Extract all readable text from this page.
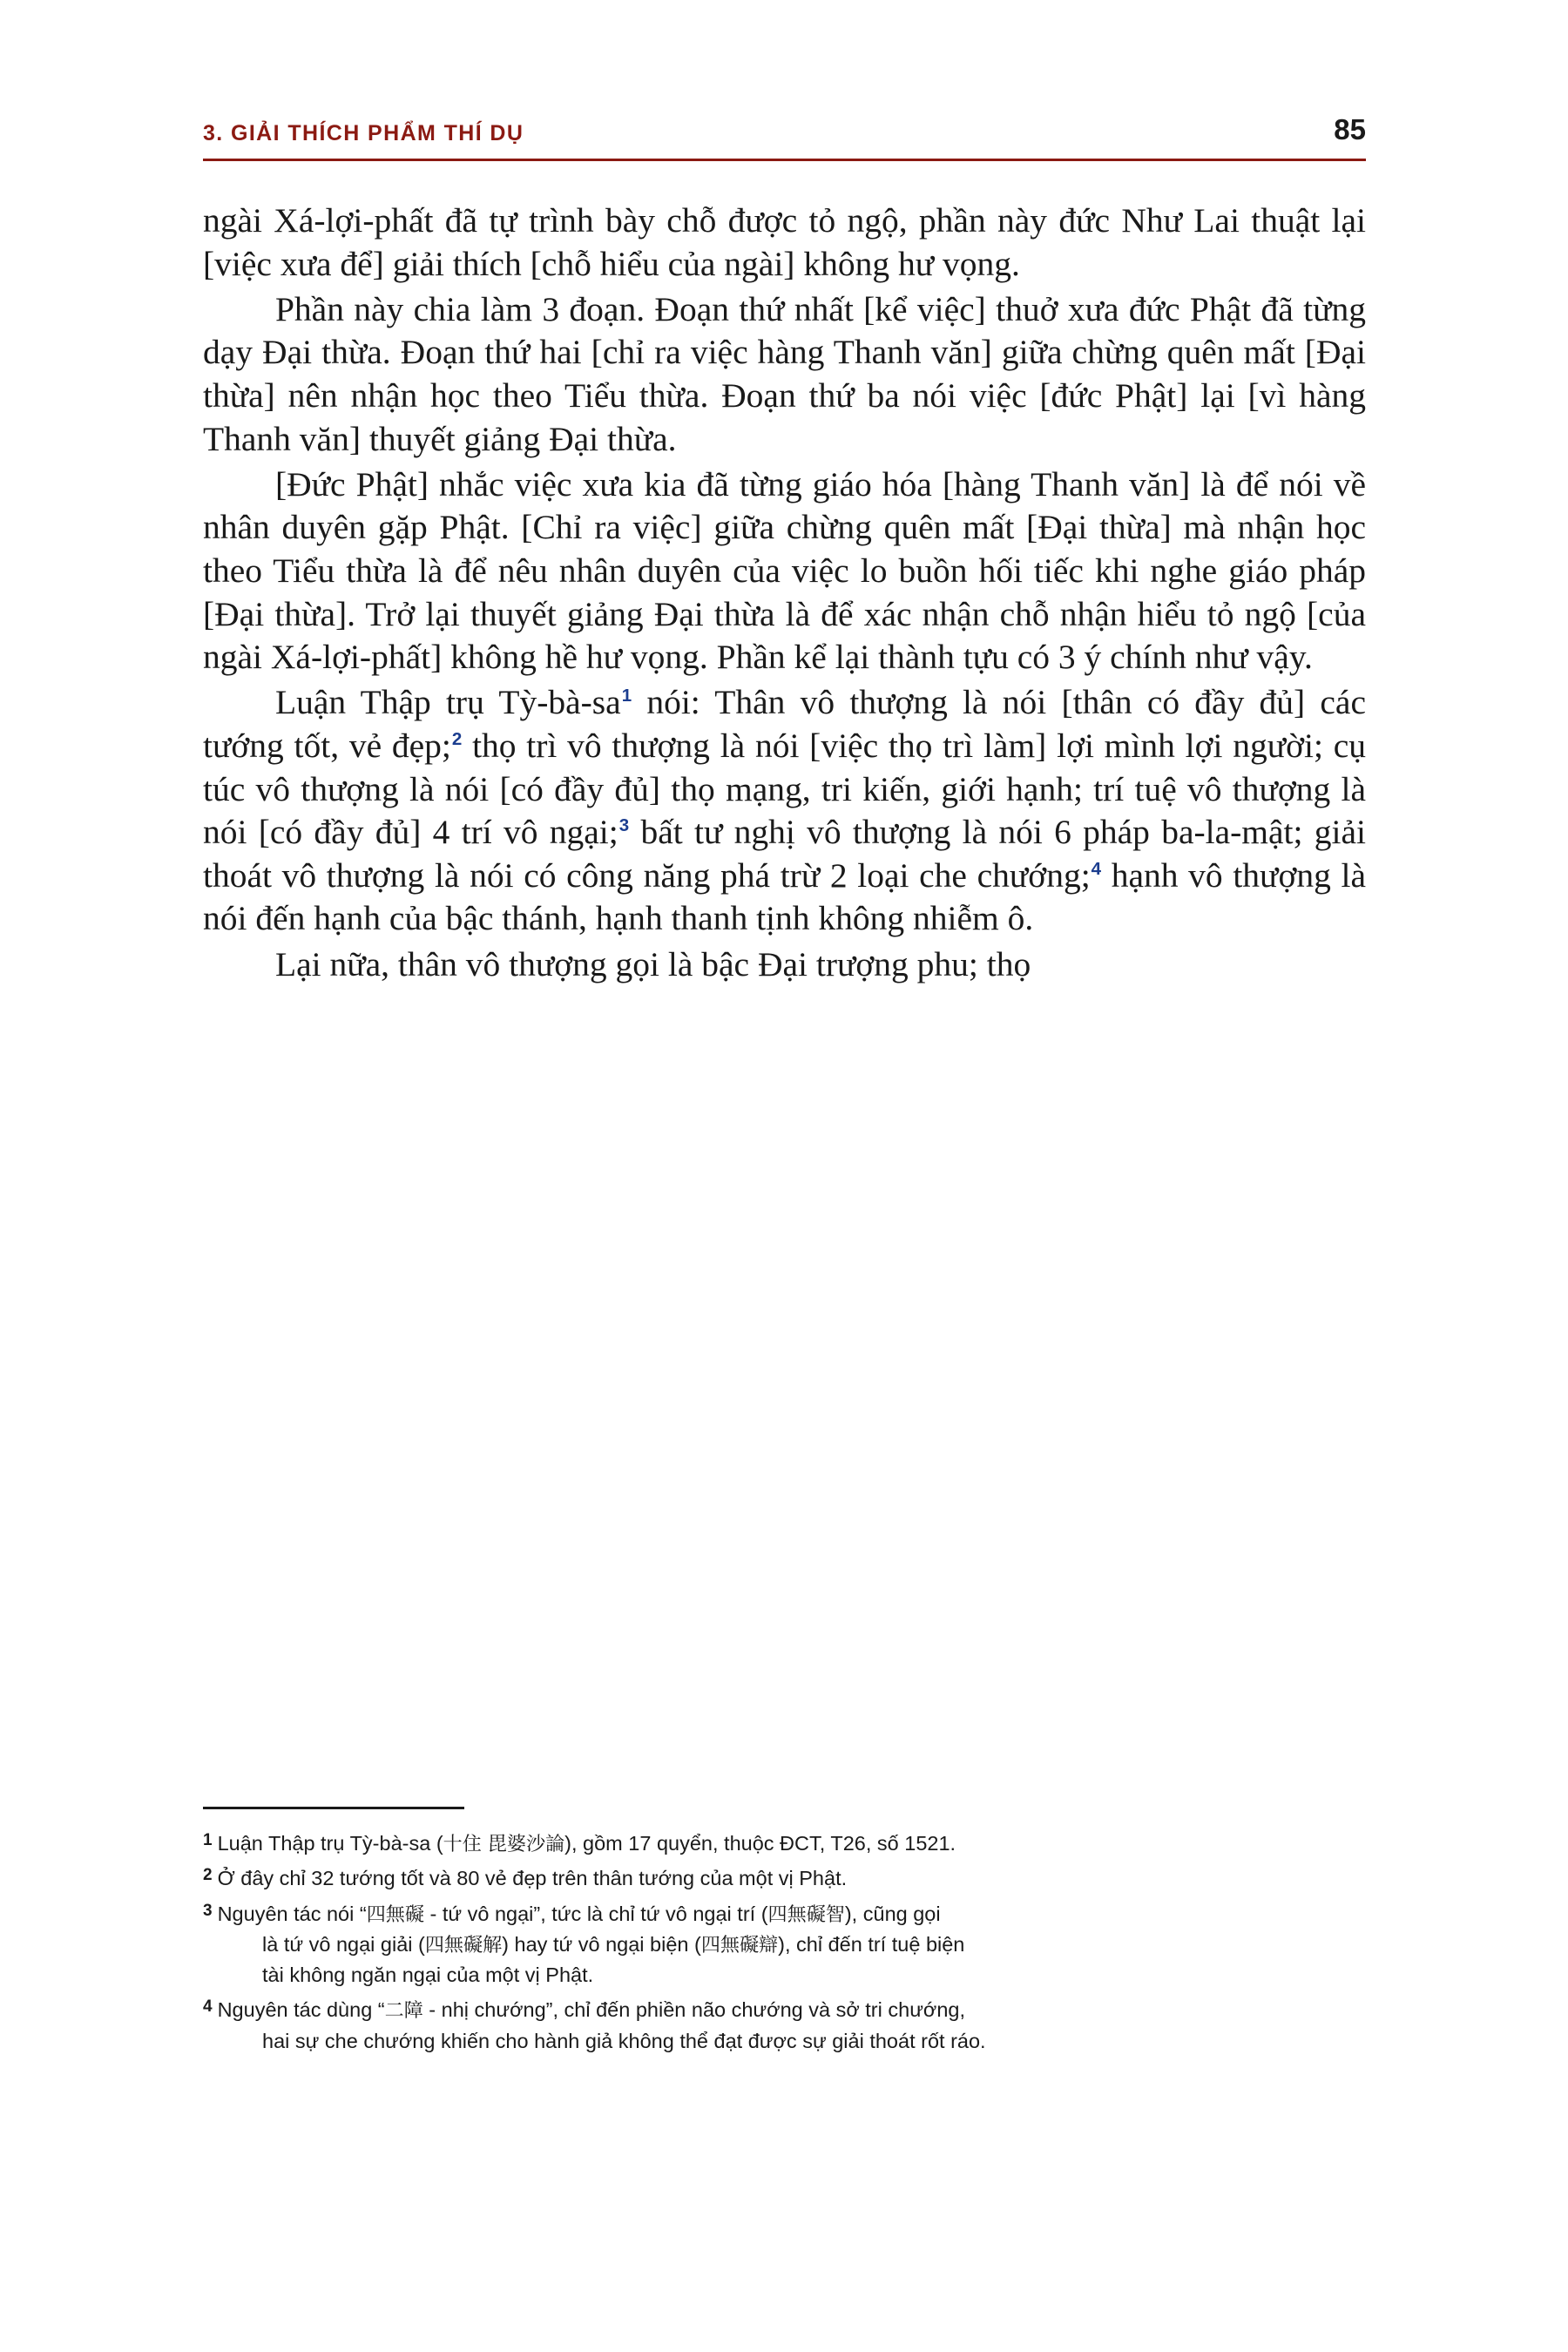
3. GIẢI THÍCH PHẨM THÍ DỤ	85

ngài Xá-lợi-phất đã tự trình bày chỗ được tỏ ngộ, phần này đức Như Lai thuật lại [việc xưa để] giải thích [chỗ hiểu của ngài] không hư vọng.

Phần này chia làm 3 đoạn. Đoạn thứ nhất [kể việc] thuở xưa đức Phật đã từng dạy Đại thừa. Đoạn thứ hai [chỉ ra việc hàng Thanh văn] giữa chừng quên mất [Đại thừa] nên nhận học theo Tiểu thừa. Đoạn thứ ba nói việc [đức Phật] lại [vì hàng Thanh văn] thuyết giảng Đại thừa.

[Đức Phật] nhắc việc xưa kia đã từng giáo hóa [hàng Thanh văn] là để nói về nhân duyên gặp Phật. [Chỉ ra việc] giữa chừng quên mất [Đại thừa] mà nhận học theo Tiểu thừa là để nêu nhân duyên của việc lo buồn hối tiếc khi nghe giáo pháp [Đại thừa]. Trở lại thuyết giảng Đại thừa là để xác nhận chỗ nhận hiểu tỏ ngộ [của ngài Xá-lợi-phất] không hề hư vọng. Phần kể lại thành tựu có 3 ý chính như vậy.

Luận Thập trụ Tỳ-bà-sa$^1$ nói: Thân vô thượng là nói [thân có đầy đủ] các tướng tốt, vẻ đẹp;$^2$ thọ trì vô thượng là nói [việc thọ trì làm] lợi mình lợi người; cụ túc vô thượng là nói [có đầy đủ] thọ mạng, tri kiến, giới hạnh; trí tuệ vô thượng là nói [có đầy đủ] 4 trí vô ngại;$^3$ bất tư nghị vô thượng là nói 6 pháp ba-la-mật; giải thoát vô thượng là nói có công năng phá trừ 2 loại che chướng;$^4$ hạnh vô thượng là nói đến hạnh của bậc thánh, hạnh thanh tịnh không nhiễm ô.

Lại nữa, thân vô thượng gọi là bậc Đại trượng phu; thọ

$^1$ Luận Thập trụ Tỳ-bà-sa (十住 毘婆沙論), gồm 17 quyển, thuộc ĐCT, T26, số 1521.
$^2$ Ở đây chỉ 32 tướng tốt và 80 vẻ đẹp trên thân tướng của một vị Phật.
$^3$ Nguyên tác nói “四無礙 - tứ vô ngại”, tức là chỉ tứ vô ngại trí (四無礙智), cũng gọi
là tứ vô ngại giải (四無礙解) hay tứ vô ngại biện (四無礙辯), chỉ đến trí tuệ biện
tài không ngăn ngại của một vị Phật.
$^4$ Nguyên tác dùng “二障 - nhị chướng”, chỉ đến phiền não chướng và sở tri chướng,
hai sự che chướng khiến cho hành giả không thể đạt được sự giải thoát rốt ráo.
